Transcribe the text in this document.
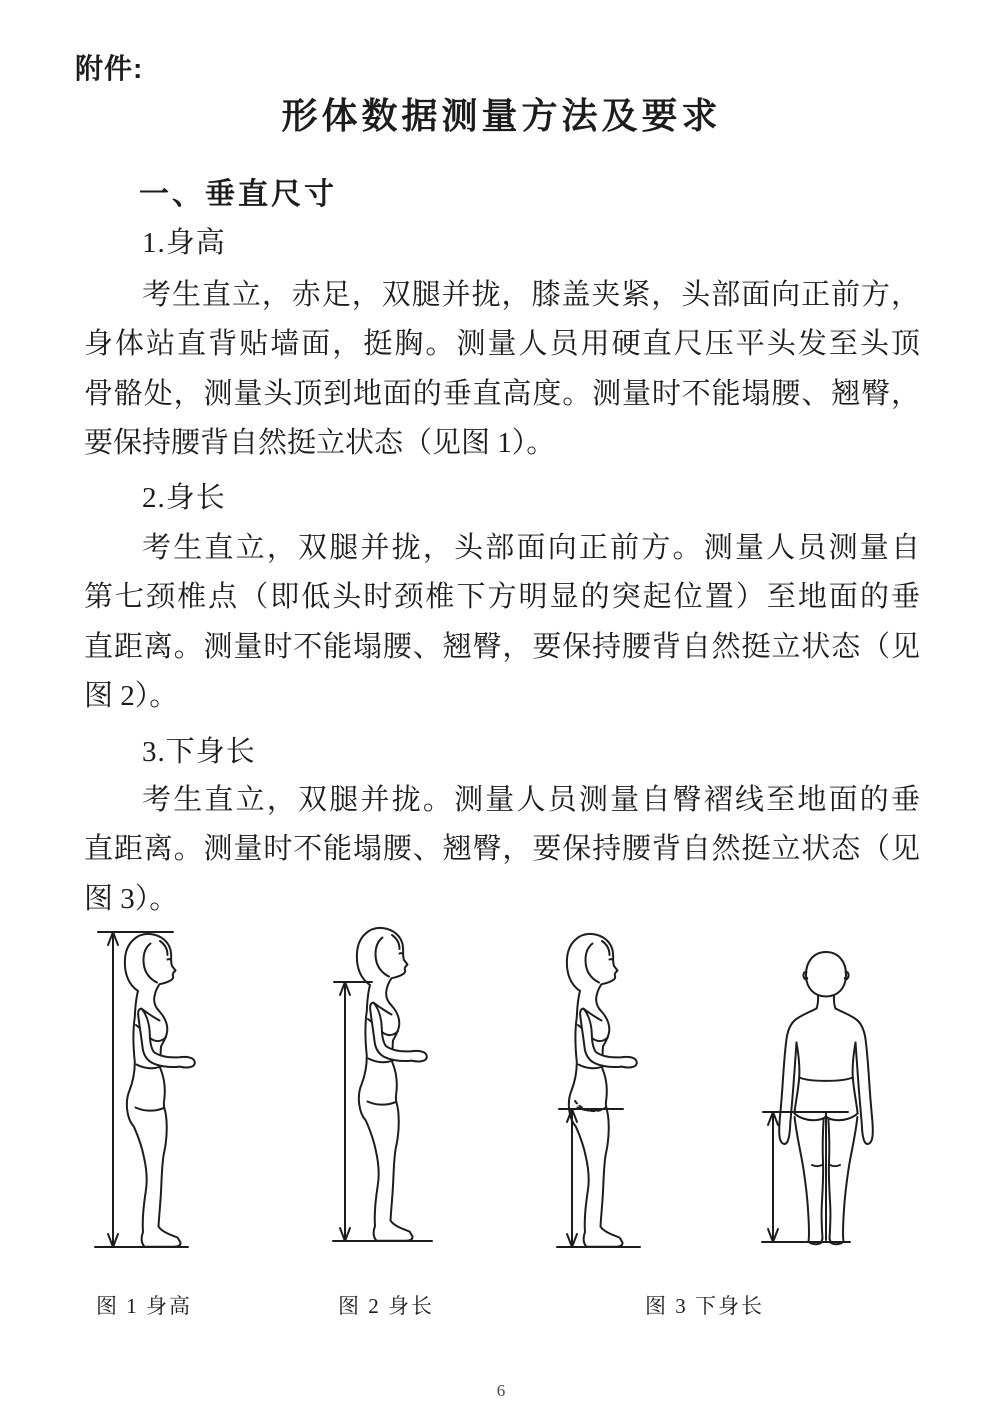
附件:
形体数据测量方法及要求
一、垂直尺寸
1.身高
考生直立，赤足，双腿并拢，膝盖夹紧，头部面向正前方，
身体站直背贴墙面，挺胸。测量人员用硬直尺压平头发至头顶
骨骼处，测量头顶到地面的垂直高度。测量时不能塌腰、翘臀，
要保持腰背自然挺立状态（见图 1）。
2.身长
考生直立，双腿并拢，头部面向正前方。测量人员测量自
第七颈椎点（即低头时颈椎下方明显的突起位置）至地面的垂
直距离。测量时不能塌腰、翘臀，要保持腰背自然挺立状态（见
图 2）。
3.下身长
考生直立，双腿并拢。测量人员测量自臀褶线至地面的垂
直距离。测量时不能塌腰、翘臀，要保持腰背自然挺立状态（见
图 3）。
图 1 身高	图 2 身长	图 3 下身长
6
